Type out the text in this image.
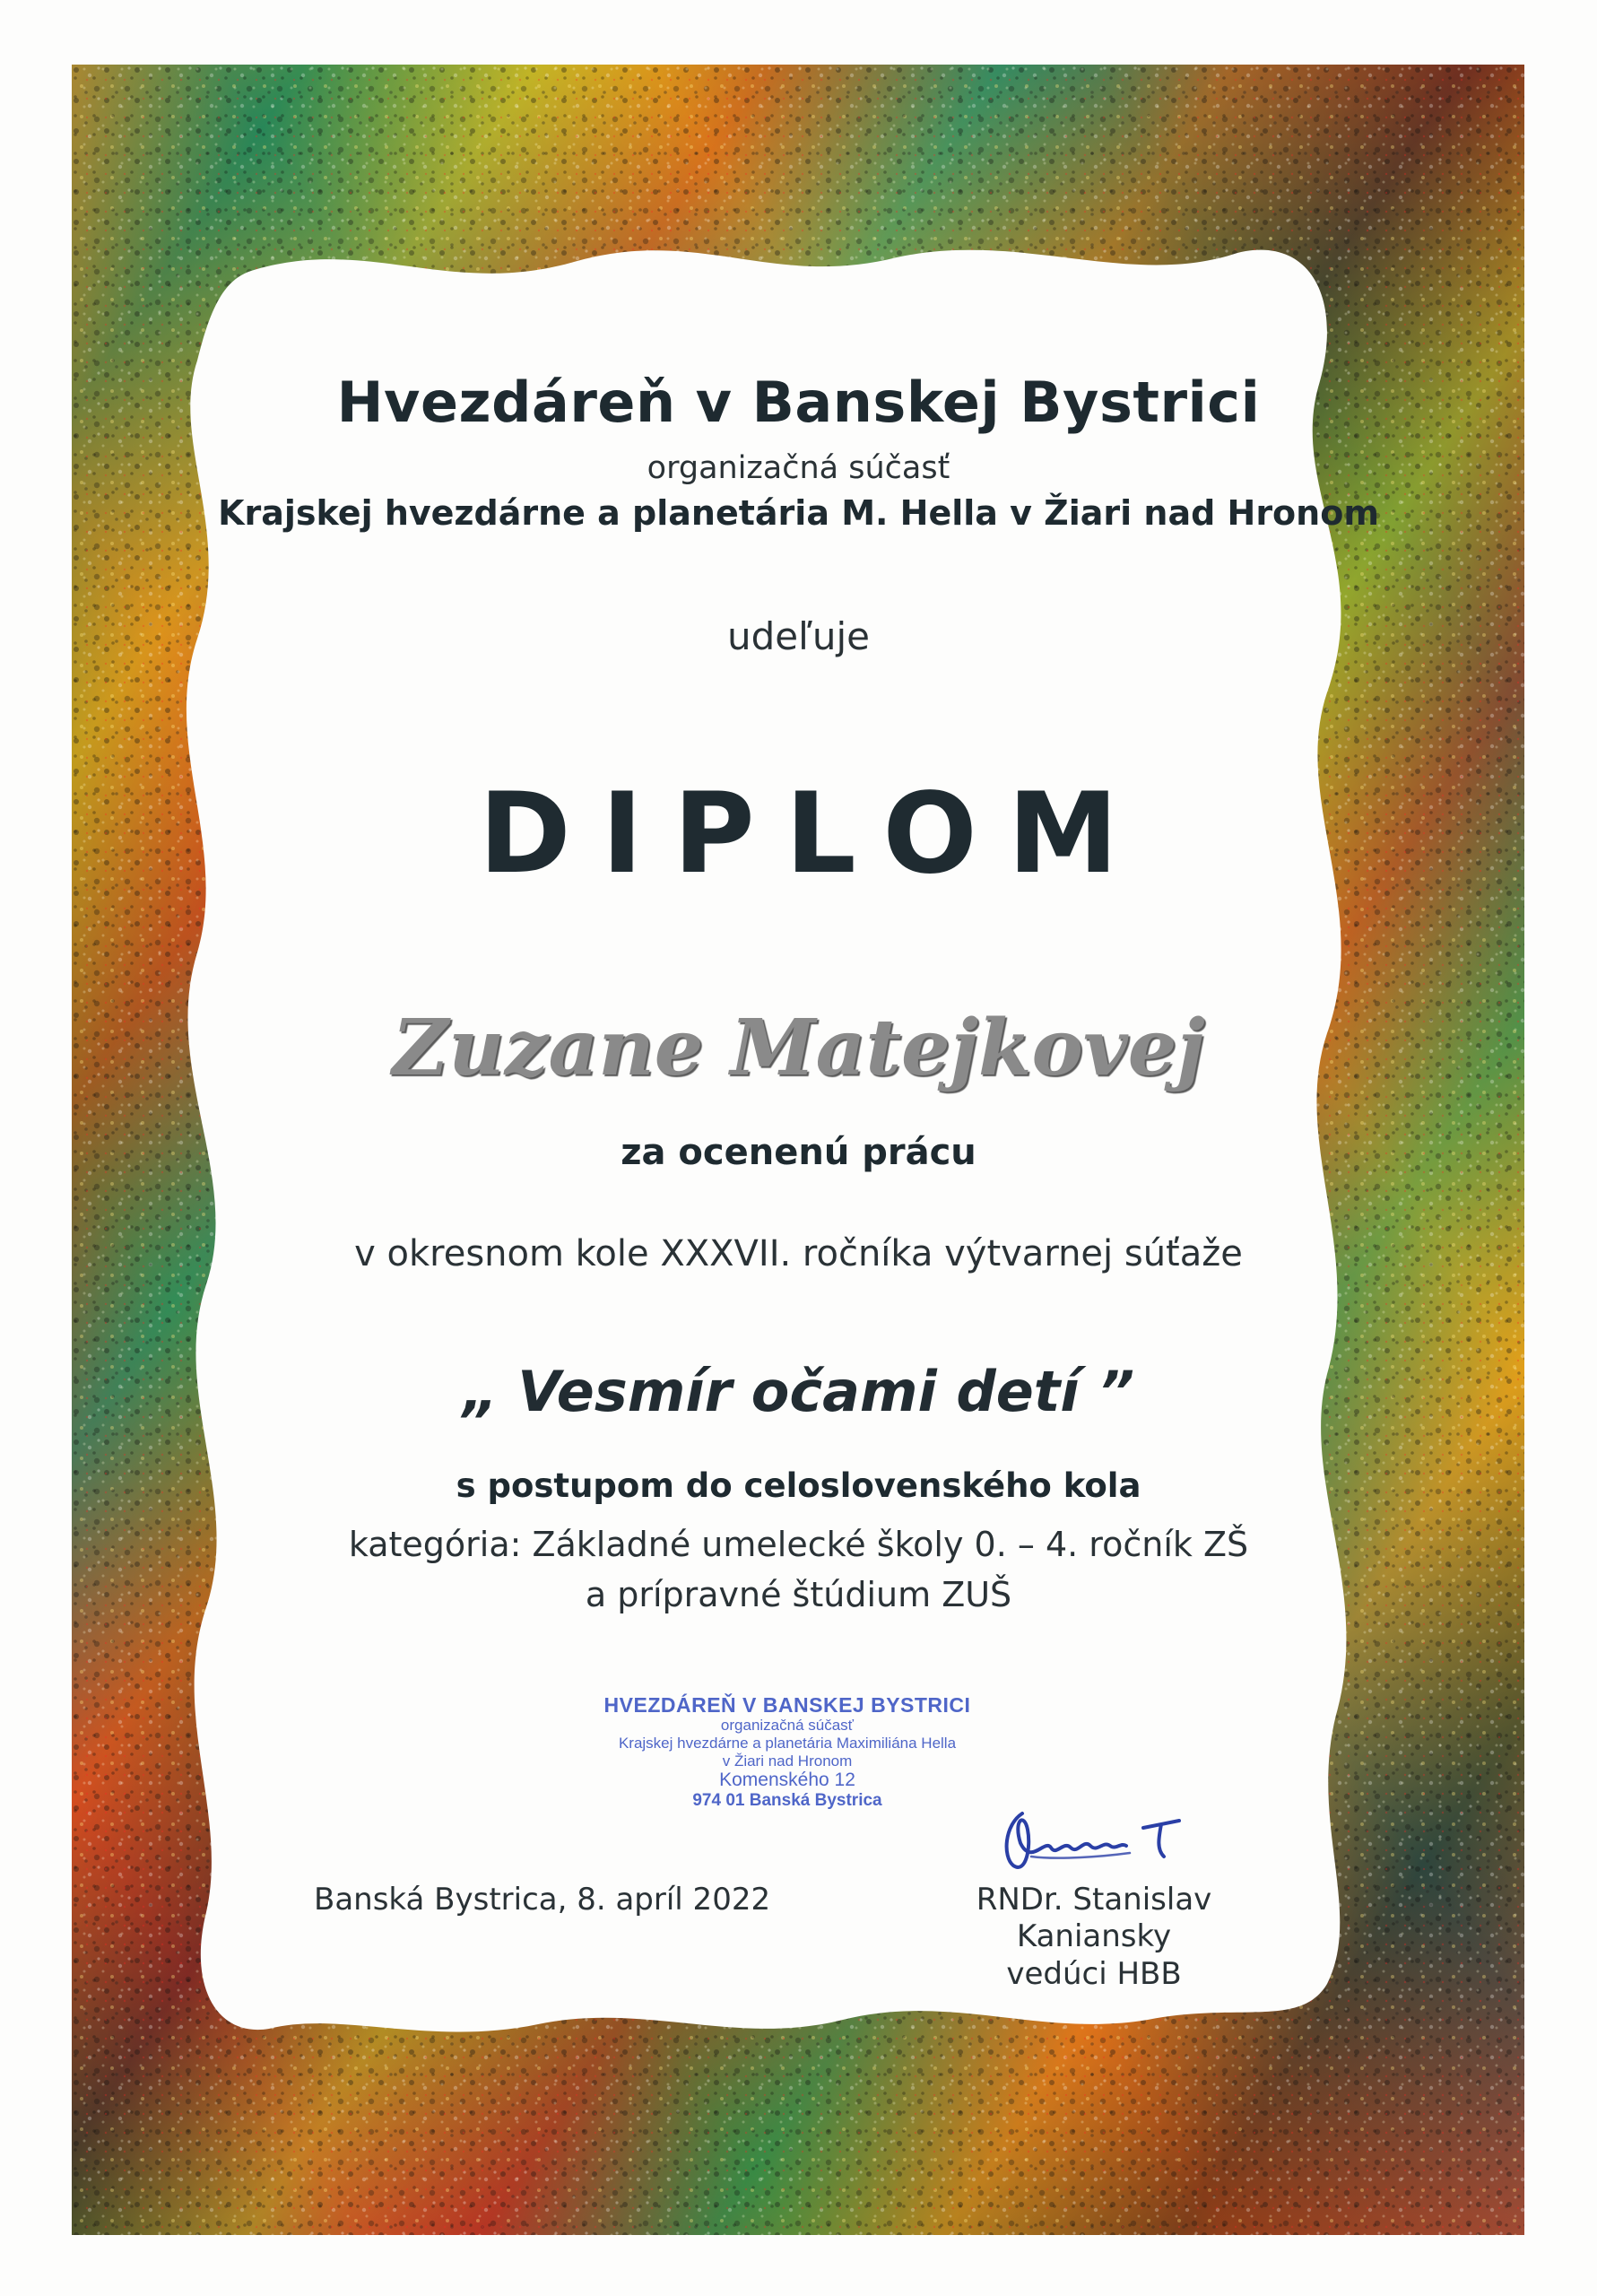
Hvezdáreň v Banskej Bystrici

organizačná súčasť

Krajskej hvezdárne a planetária M. Hella v Žiari nad Hronom

udeľuje

DIPLOM

Zuzane Matejkovej

za ocenenú prácu

v okresnom kole XXXVII. ročníka výtvarnej súťaže

„ Vesmír očami detí ”

s postupom do celoslovenského kola

kategória: Základné umelecké školy 0. – 4. ročník ZŠ

a prípravné štúdium ZUŠ

HVEZDÁREŇ V BANSKEJ BYSTRICI
organizačná súčasť
Krajskej hvezdárne a planetária Maximiliána Hella
v Žiari nad Hronom
Komenského 12
974 01 Banská Bystrica
Banská Bystrica, 8. apríl 2022	RNDr. Stanislav Kaniansky
vedúci HBB
